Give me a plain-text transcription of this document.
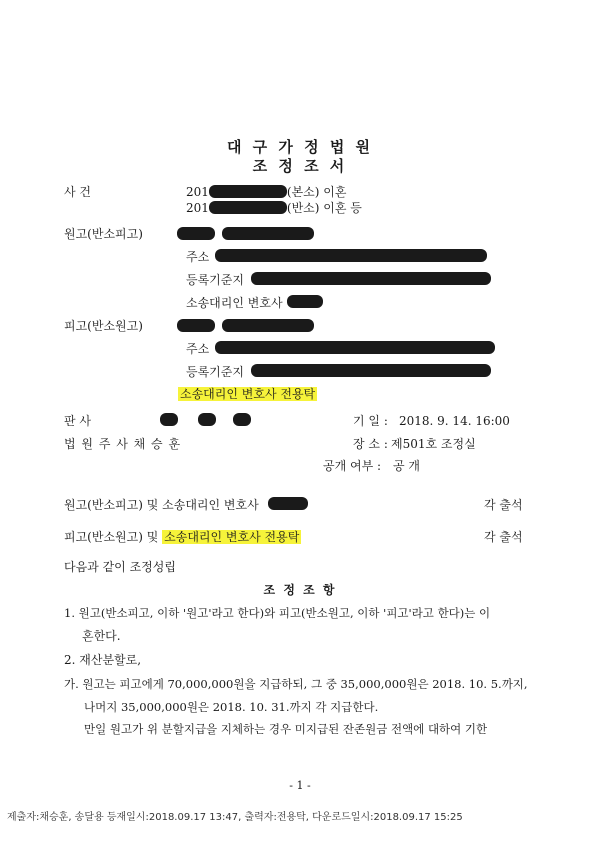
대 구 가 정 법 원
조 정 조 서
사 건	201	(본소) 이혼
201	(반소) 이혼 등
원고(반소피고)
주소
등록기준지
소송대리인 변호사
피고(반소원고)
주소
등록기준지
소송대리인 변호사 전용탁
판 사
법 원 주 사 채 승 훈
기 일 : 2018. 9. 14. 16:00
장 소 : 제501호 조정실
공개 여부 : 공 개
원고(반소피고) 및 소송대리인 변호사	각 출석
피고(반소원고) 및 소송대리인 변호사 전용탁	각 출석
다음과 같이 조정성립
조 정 조 항
1. 원고(반소피고, 이하 '원고'라고 한다)와 피고(반소원고, 이하 '피고'라고 한다)는 이
혼한다.
2. 재산분할로,
가. 원고는 피고에게 70,000,000원을 지급하되, 그 중 35,000,000원은 2018. 10. 5.까지,
나머지 35,000,000원은 2018. 10. 31.까지 각 지급한다.
만일 원고가 위 분할지급을 지체하는 경우 미지급된 잔존원금 전액에 대하여 기한
- 1 -
제출자:채승훈, 송달용 등재일시:2018.09.17 13:47, 출력자:전용탁, 다운로드일시:2018.09.17 15:25
